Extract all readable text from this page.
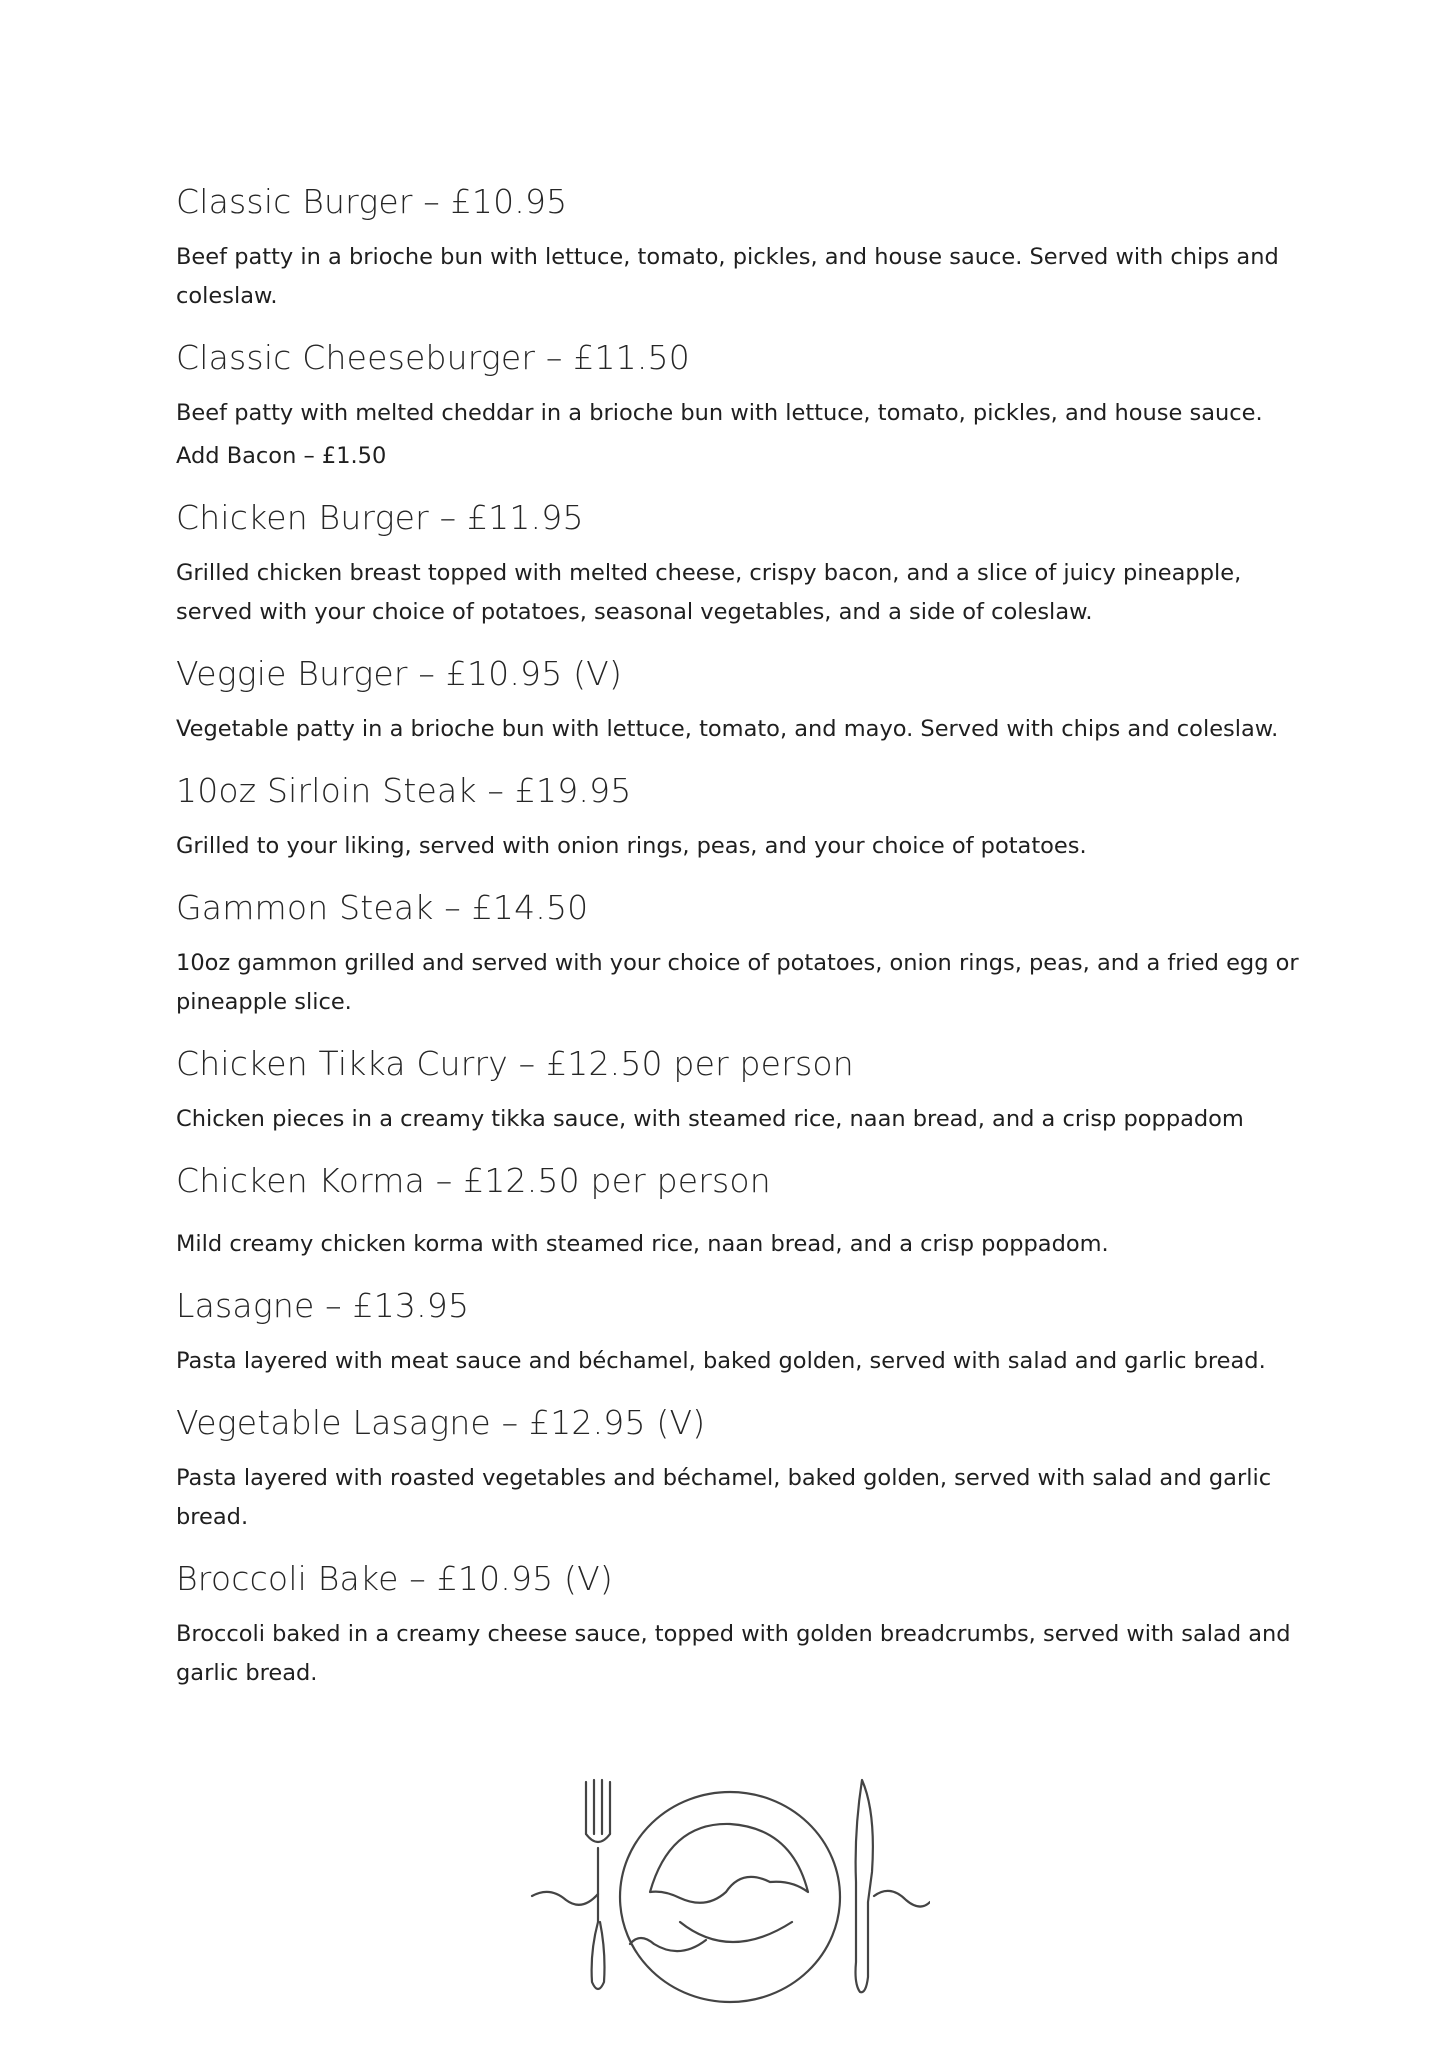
Classic Burger – £10.95

Beef patty in a brioche bun with lettuce, tomato, pickles, and house sauce. Served with chips and coleslaw.

Classic Cheeseburger – £11.50

Beef patty with melted cheddar in a brioche bun with lettuce, tomato, pickles, and house sauce.

Add Bacon – £1.50

Chicken Burger – £11.95

Grilled chicken breast topped with melted cheese, crispy bacon, and a slice of juicy pineapple, served with your choice of potatoes, seasonal vegetables, and a side of coleslaw.

Veggie Burger – £10.95 (V)

Vegetable patty in a brioche bun with lettuce, tomato, and mayo. Served with chips and coleslaw.

10oz Sirloin Steak – £19.95

Grilled to your liking, served with onion rings, peas, and your choice of potatoes.

Gammon Steak – £14.50

10oz gammon grilled and served with your choice of potatoes, onion rings, peas, and a fried egg or pineapple slice.

Chicken Tikka Curry – £12.50 per person

Chicken pieces in a creamy tikka sauce, with steamed rice, naan bread, and a crisp poppadom

Chicken Korma – £12.50 per person

Mild creamy chicken korma with steamed rice, naan bread, and a crisp poppadom.

Lasagne – £13.95

Pasta layered with meat sauce and béchamel, baked golden, served with salad and garlic bread.

Vegetable Lasagne – £12.95 (V)

Pasta layered with roasted vegetables and béchamel, baked golden, served with salad and garlic bread.

Broccoli Bake – £10.95 (V)

Broccoli baked in a creamy cheese sauce, topped with golden breadcrumbs, served with salad and garlic bread.
